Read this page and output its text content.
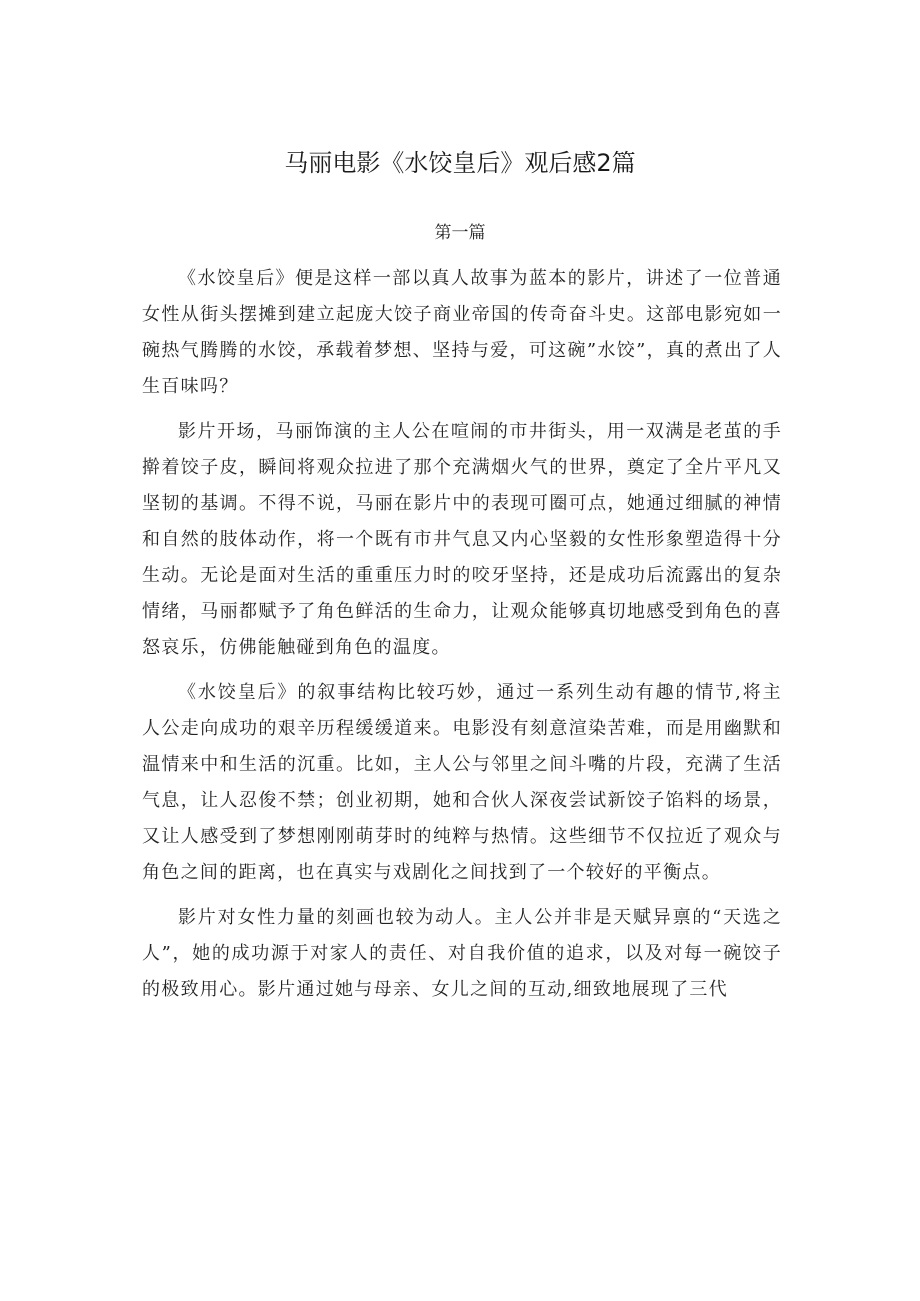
马丽电影《水饺皇后》观后感2篇
第一篇

《水饺皇后》便是这样一部以真人故事为蓝本的影片，讲述了一位普通女性从街头摆摊到建立起庞大饺子商业帝国的传奇奋斗史。这部电影宛如一碗热气腾腾的水饺，承载着梦想、坚持与爱，可这碗”水饺”，真的煮出了人生百味吗？

影片开场，马丽饰演的主人公在喧闹的市井街头，用一双满是老茧的手擀着饺子皮，瞬间将观众拉进了那个充满烟火气的世界，奠定了全片平凡又坚韧的基调。不得不说，马丽在影片中的表现可圈可点，她通过细腻的神情和自然的肢体动作，将一个既有市井气息又内心坚毅的女性形象塑造得十分生动。无论是面对生活的重重压力时的咬牙坚持，还是成功后流露出的复杂情绪，马丽都赋予了角色鲜活的生命力，让观众能够真切地感受到角色的喜怒哀乐，仿佛能触碰到角色的温度。

《水饺皇后》的叙事结构比较巧妙，通过一系列生动有趣的情节,将主人公走向成功的艰辛历程缓缓道来。电影没有刻意渲染苦难，而是用幽默和温情来中和生活的沉重。比如，主人公与邻里之间斗嘴的片段，充满了生活气息，让人忍俊不禁；创业初期，她和合伙人深夜尝试新饺子馅料的场景，又让人感受到了梦想刚刚萌芽时的纯粹与热情。这些细节不仅拉近了观众与角色之间的距离，也在真实与戏剧化之间找到了一个较好的平衡点。

影片对女性力量的刻画也较为动人。主人公并非是天赋异禀的“天选之人”，她的成功源于对家人的责任、对自我价值的追求，以及对每一碗饺子的极致用心。影片通过她与母亲、女儿之间的互动,细致地展现了三代
